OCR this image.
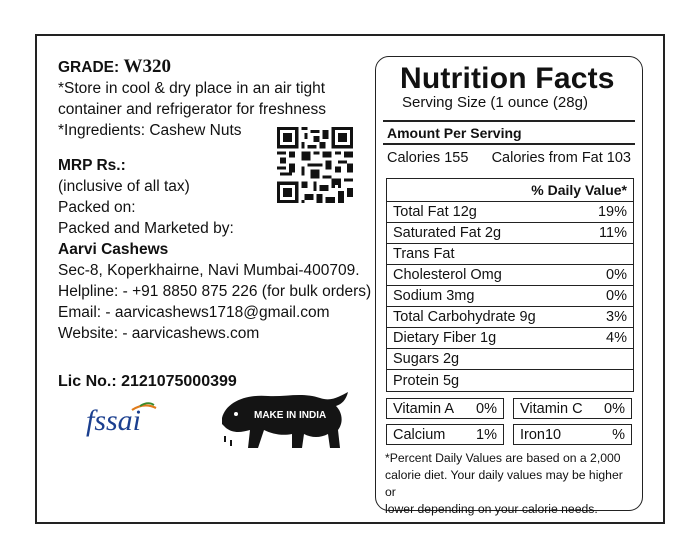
GRADE: W320
*Store in cool & dry place in an air tight
container and refrigerator for freshness
*Ingredients: Cashew Nuts
MRP Rs.:
(inclusive of all tax)
Packed on:
Packed and Marketed by:
Aarvi Cashews
Sec-8, Koperkhairne, Navi Mumbai-400709.
Helpline: - +91 8850 875 226 (for bulk orders)
Email: - aarvicashews1718@gmail.com
Website: - aarvicashews.com
Lic No.: 2121075000399
fssai	MAKE IN INDIA
Nutrition Facts
Serving Size (1 ounce (28g)
Amount Per Serving
Calories 155 Calories from Fat 103
% Daily Value*
Total Fat 12g	19%
Saturated Fat 2g	11%
Trans Fat
Cholesterol Omg	0%
Sodium 3mg	0%
Total Carbohydrate 9g	3%
Dietary Fiber 1g	4%
Sugars 2g
Protein 5g
Vitamin A 0% Vitamin C 0%
Calcium 1% Iron10	%
*Percent Daily Values are based on a 2,000
calorie diet. Your daily values may be higher or
lower depending on your calorie needs.
